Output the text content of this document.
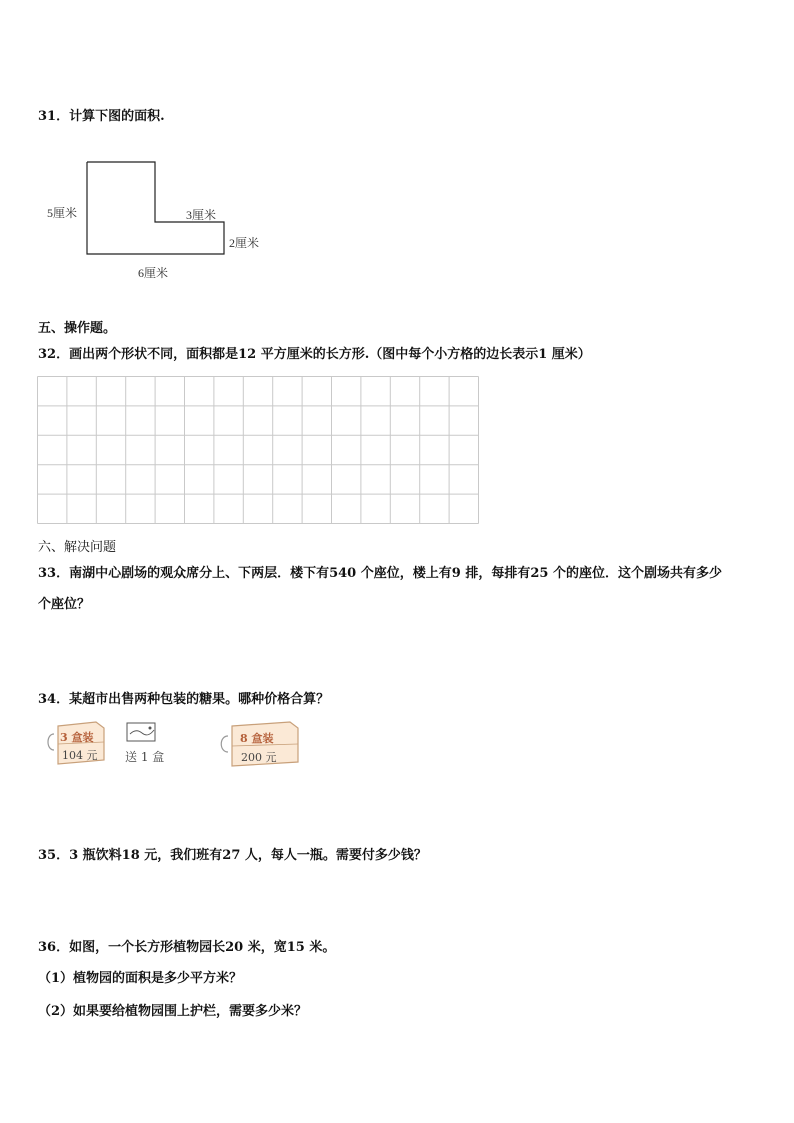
31．计算下图的面积.
5厘米	3厘米
2厘米
6厘米
五、操作题。
32．画出两个形状不同，面积都是12 平方厘米的长方形.（图中每个小方格的边长表示1 厘米）
六、解决问题
33．南湖中心剧场的观众席分上、下两层．楼下有540 个座位，楼上有9 排，每排有25 个的座位．这个剧场共有多少
个座位？
34．某超市出售两种包装的糖果。哪种价格合算？
3 盒装
104 元 送 1 盒
8 盒装
200 元
35．3 瓶饮料18 元，我们班有27 人，每人一瓶。需要付多少钱？
36．如图，一个长方形植物园长20 米，宽15 米。
（1）植物园的面积是多少平方米？
（2）如果要给植物园围上护栏，需要多少米？
